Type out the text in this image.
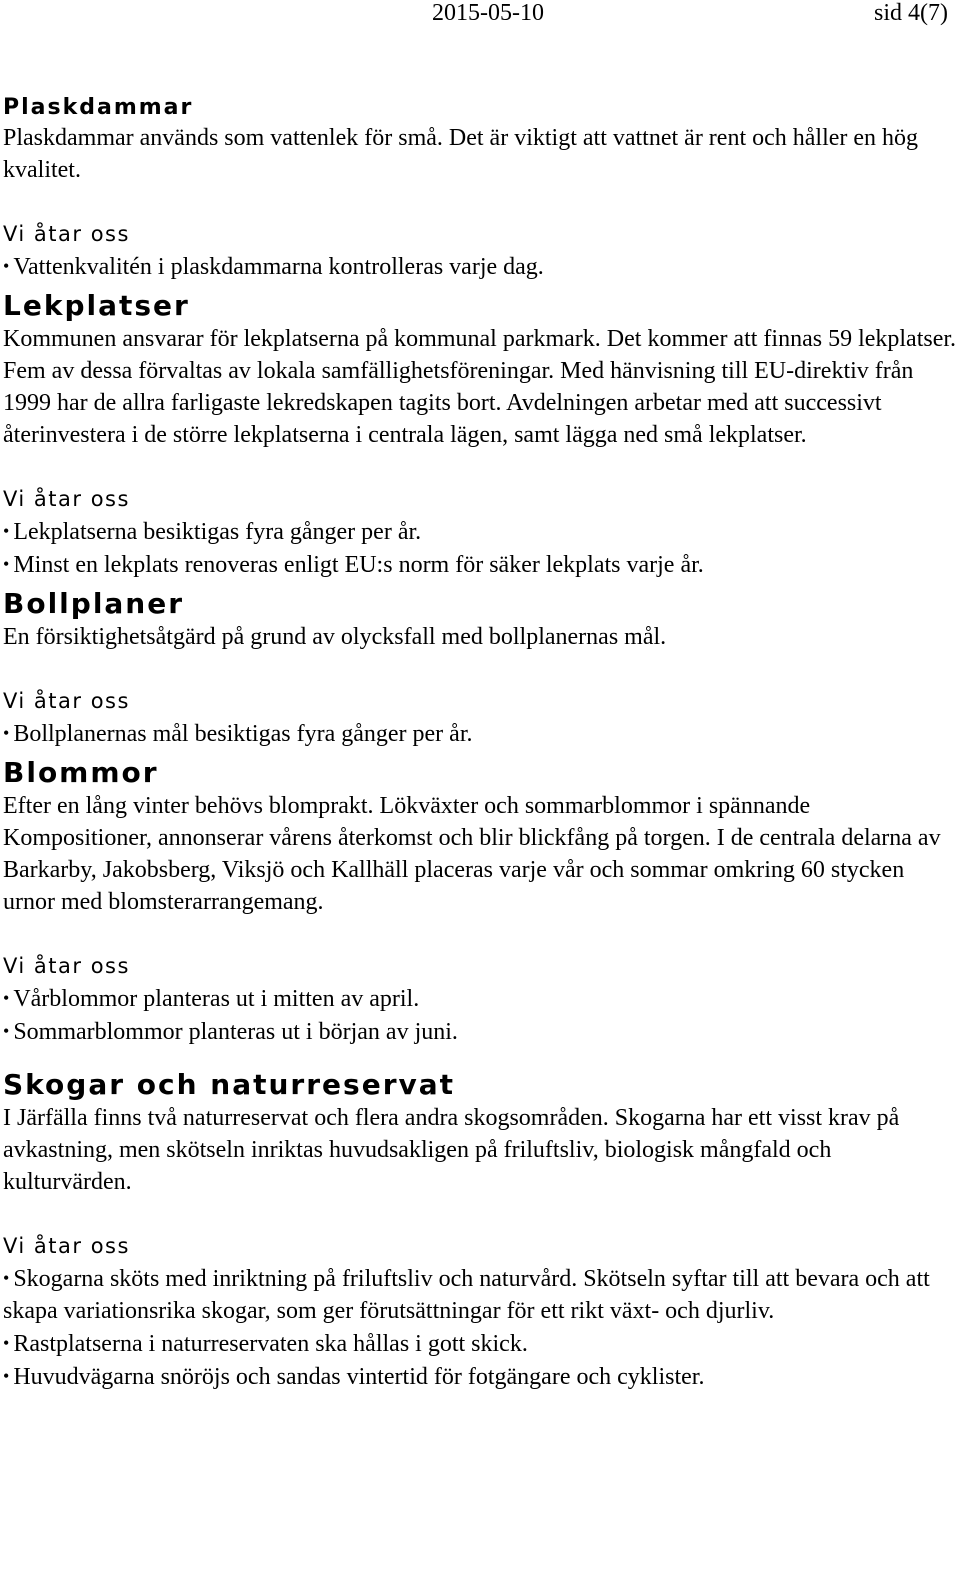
2015-05-10	sid 4(7)
Plaskdammar

Plaskdammar används som vattenlek för små. Det är viktigt att vattnet är rent och håller en hög kvalitet.

Vi åtar oss
• Vattenkvalitén i plaskdammarna kontrolleras varje dag.
Lekplatser

Kommunen ansvarar för lekplatserna på kommunal parkmark. Det kommer att finnas 59 lekplatser. Fem av dessa förvaltas av lokala samfällighetsföreningar. Med hänvisning till EU-direktiv från 1999 har de allra farligaste lekredskapen tagits bort. Avdelningen arbetar med att successivt återinvestera i de större lekplatserna i centrala lägen, samt lägga ned små lekplatser.

Vi åtar oss
• Lekplatserna besiktigas fyra gånger per år.
• Minst en lekplats renoveras enligt EU:s norm för säker lekplats varje år.
Bollplaner

En försiktighetsåtgärd på grund av olycksfall med bollplanernas mål.

Vi åtar oss
• Bollplanernas mål besiktigas fyra gånger per år.
Blommor

Efter en lång vinter behövs blomprakt. Lökväxter och sommarblommor i spännande Kompositioner, annonserar vårens återkomst och blir blickfång på torgen. I de centrala delarna av Barkarby, Jakobsberg, Viksjö och Kallhäll placeras varje vår och sommar omkring 60 stycken urnor med blomsterarrangemang.

Vi åtar oss
• Vårblommor planteras ut i mitten av april.
• Sommarblommor planteras ut i början av juni.
Skogar och naturreservat

I Järfälla finns två naturreservat och flera andra skogsområden. Skogarna har ett visst krav på avkastning, men skötseln inriktas huvudsakligen på friluftsliv, biologisk mångfald och kulturvärden.

Vi åtar oss
• Skogarna sköts med inriktning på friluftsliv och naturvård. Skötseln syftar till att bevara och att skapa variationsrika skogar, som ger förutsättningar för ett rikt växt- och djurliv.
• Rastplatserna i naturreservaten ska hållas i gott skick.
• Huvudvägarna snöröjs och sandas vintertid för fotgängare och cyklister.
